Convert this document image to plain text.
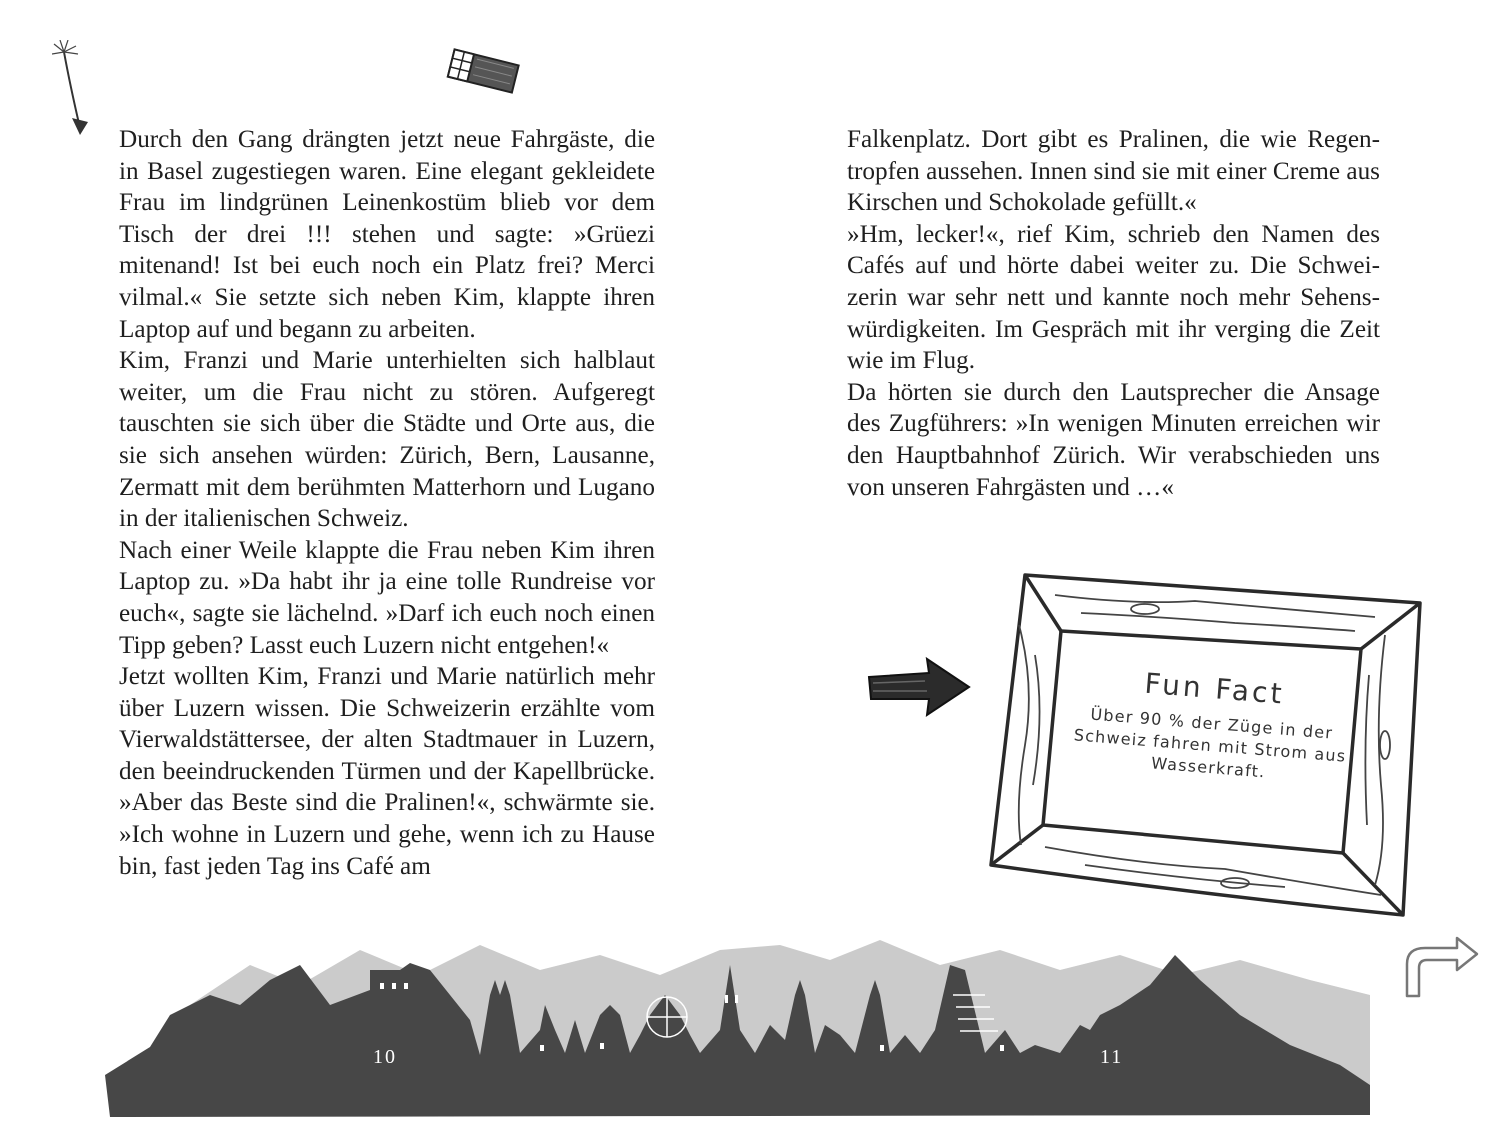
Durch den Gang drängten jetzt neue Fahrgäste, die in Basel zugestiegen waren. Eine elegant gekleidete Frau im lindgrünen Leinenkostüm blieb vor dem Tisch der drei !!! stehen und sagte: »Grüezi mitenand! Ist bei euch noch ein Platz frei? Merci vilmal.« Sie setzte sich neben Kim, klappte ihren Laptop auf und begann zu arbeiten.

Kim, Franzi und Marie unterhielten sich halblaut weiter, um die Frau nicht zu stören. Aufgeregt tauschten sie sich über die Städte und Orte aus, die sie sich ansehen würden: Zürich, Bern, Lausanne, Zermatt mit dem berühmten Matterhorn und Lugano in der italienischen Schweiz.

Nach einer Weile klappte die Frau neben Kim ihren Laptop zu. »Da habt ihr ja eine tolle Rundreise vor euch«, sagte sie lächelnd. »Darf ich euch noch einen Tipp geben? Lasst euch Luzern nicht entgehen!«

Jetzt wollten Kim, Franzi und Marie natürlich mehr über Luzern wissen. Die Schweizerin erzählte vom Vierwaldstättersee, der alten Stadtmauer in Luzern, den beeindruckenden Türmen und der Kapellbrücke. »Aber das Beste sind die Pralinen!«, schwärmte sie. »Ich wohne in Luzern und gehe, wenn ich zu Hause bin, fast jeden Tag ins Café am

Falkenplatz. Dort gibt es Pralinen, die wie Regentropfen aussehen. Innen sind sie mit einer Creme aus Kirschen und Schokolade gefüllt.«

»Hm, lecker!«, rief Kim, schrieb den Namen des Cafés auf und hörte dabei weiter zu. Die Schweizerin war sehr nett und kannte noch mehr Sehenswürdigkeiten. Im Gespräch mit ihr verging die Zeit wie im Flug.

Da hörten sie durch den Lautsprecher die Ansage des Zugführers: »In wenigen Minuten erreichen wir den Hauptbahnhof Zürich. Wir verabschieden uns von unseren Fahrgästen und …«

Fun Fact

Über 90 % der Züge in der Schweiz fahren mit Strom aus Wasserkraft.

10	11
